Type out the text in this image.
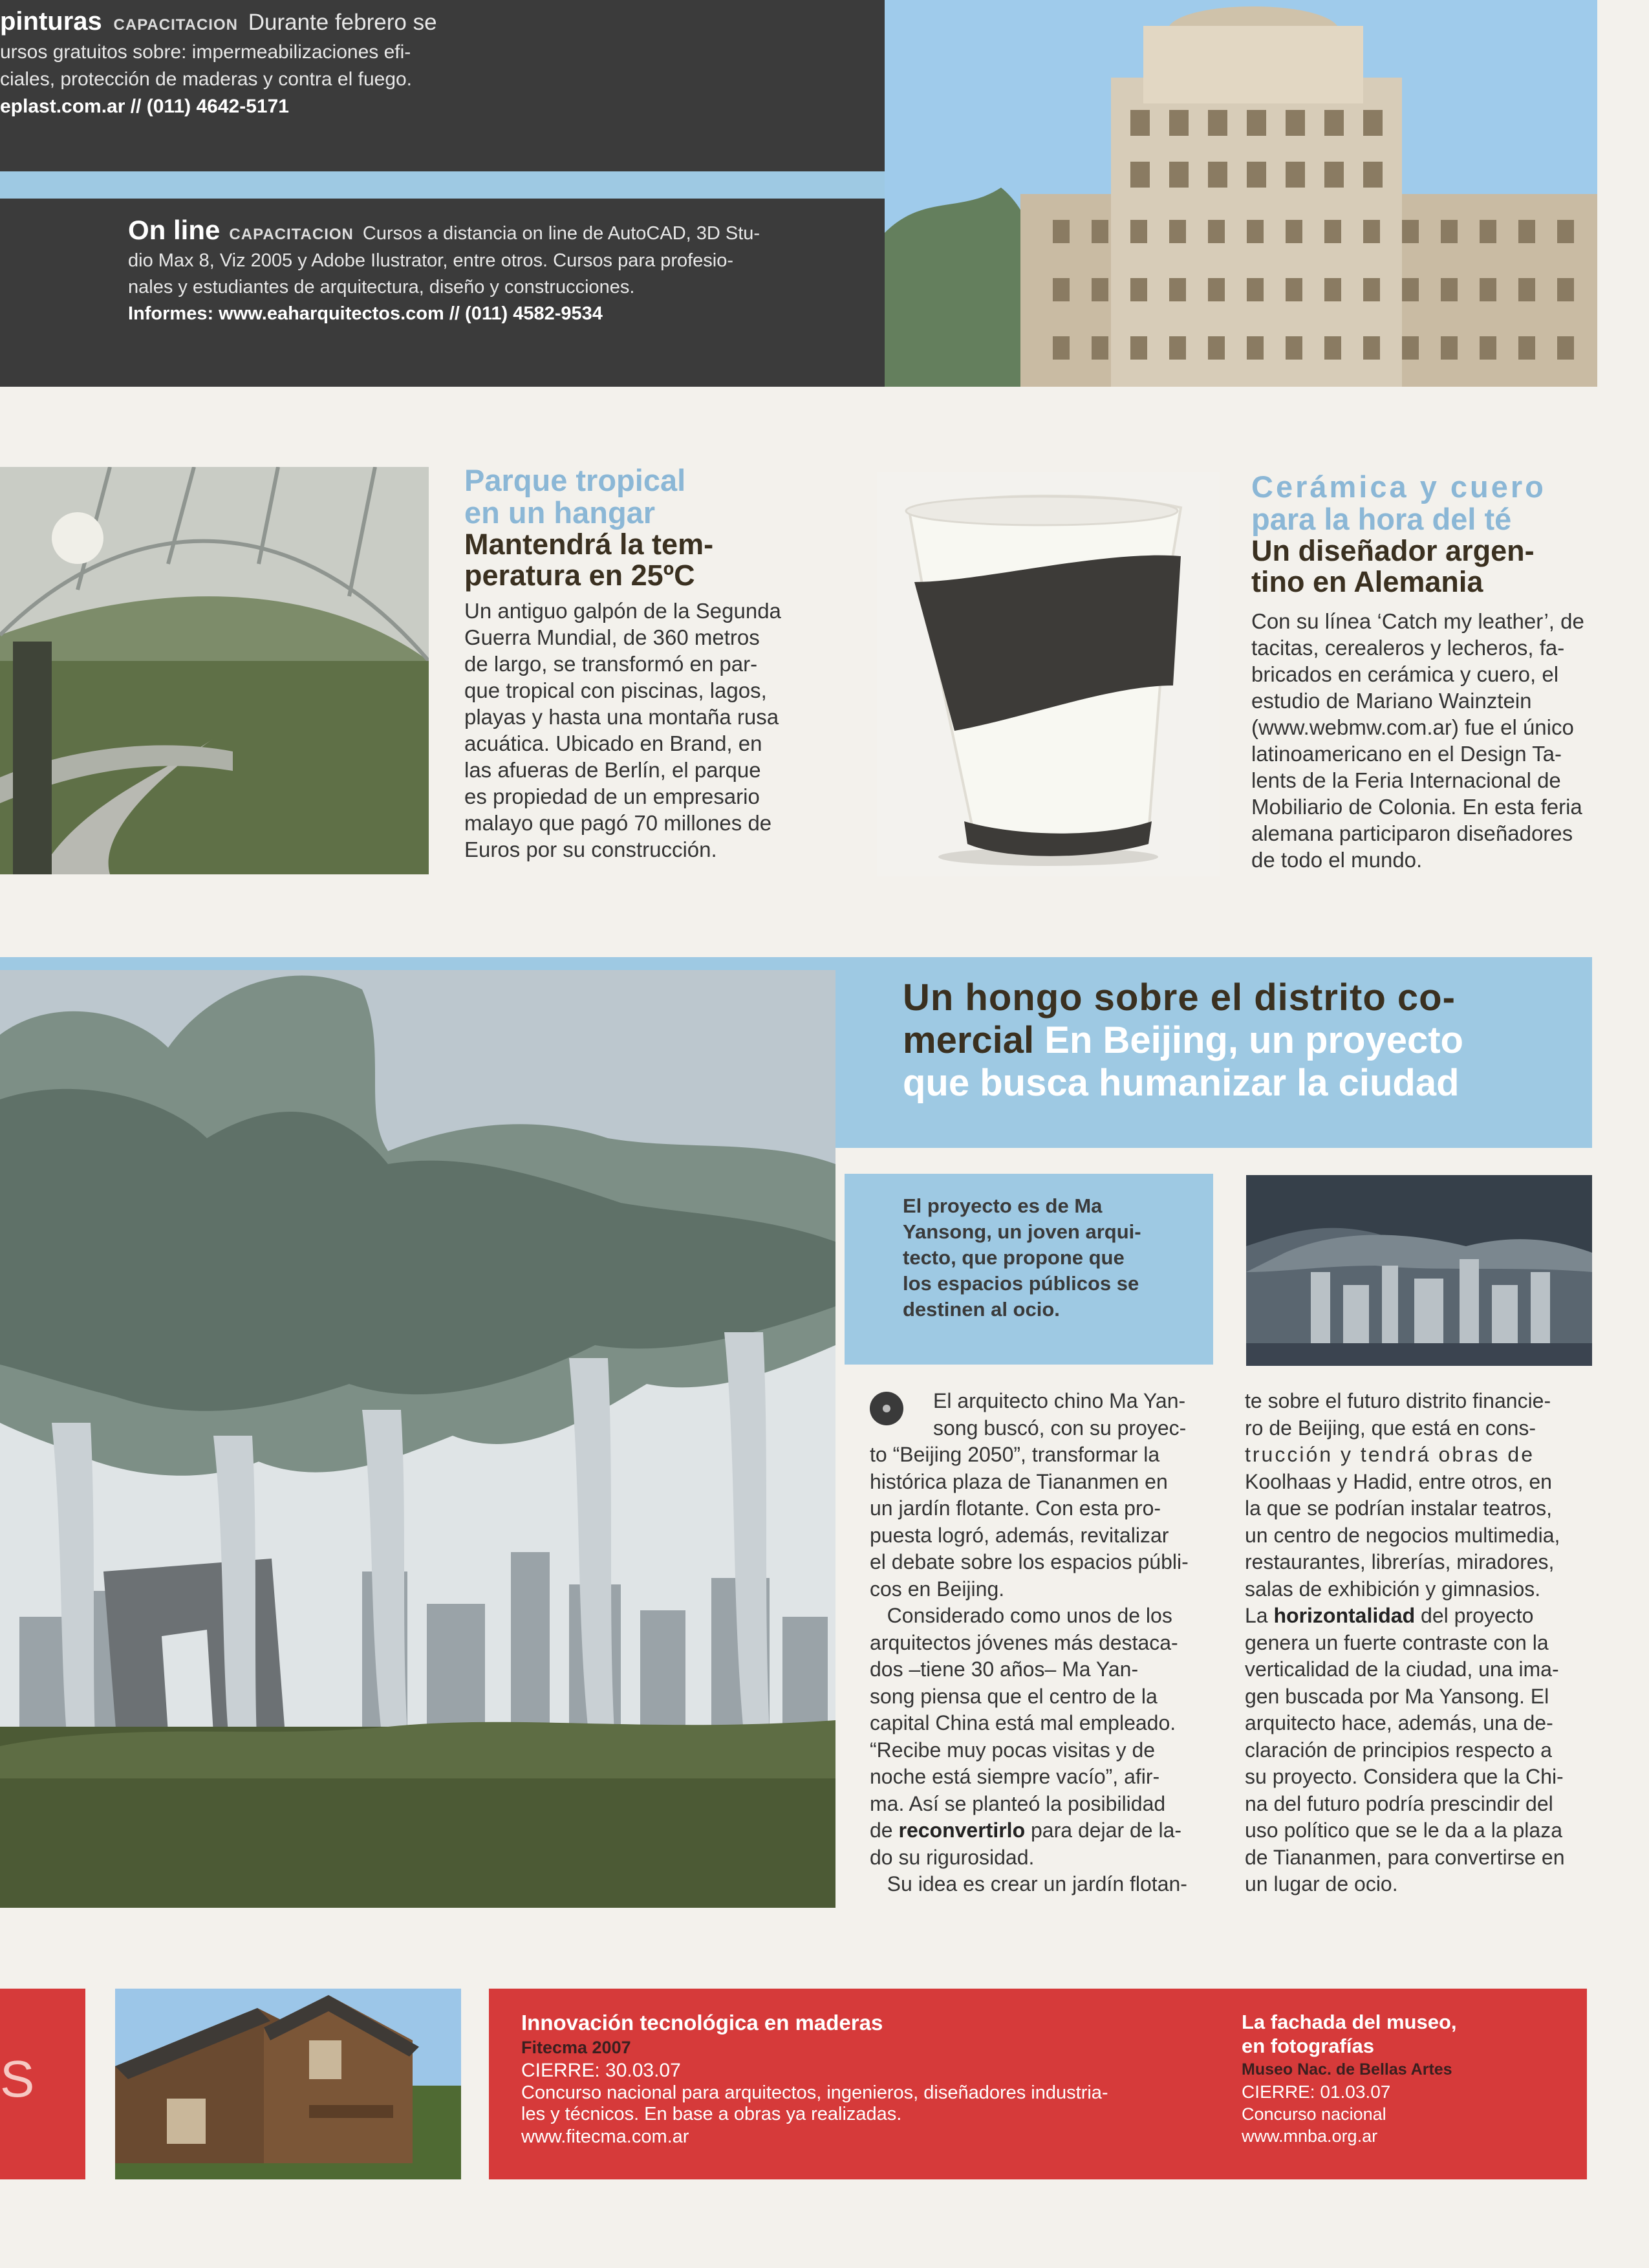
pinturas CAPACITACION Durante febrero se
ursos gratuitos sobre: impermeabilizaciones efi-
ciales, protección de maderas y contra el fuego.
eplast.com.ar // (011) 4642-5171
On line CAPACITACION Cursos a distancia on line de AutoCAD, 3D Stu-
dio Max 8, Viz 2005 y Adobe Ilustrator, entre otros. Cursos para profesio-
nales y estudiantes de arquitectura, diseño y construcciones.
Informes: www.eaharquitectos.com // (011) 4582-9534
Parque tropical
en un hangar
Mantendrá la tem-
peratura en 25ºC

Un antiguo galpón de la Segunda

Guerra Mundial, de 360 metros

de largo, se transformó en par-

que tropical con piscinas, lagos,

playas y hasta una montaña rusa

acuática. Ubicado en Brand, en

las afueras de Berlín, el parque

es propiedad de un empresario

malayo que pagó 70 millones de

Euros por su construcción.

Cerámica y cuero
para la hora del té
Un diseñador argen-
tino en Alemania

Con su línea ‘Catch my leather’, de

tacitas, cerealeros y lecheros, fa-

bricados en cerámica y cuero, el

estudio de Mariano Wainztein

(www.webmw.com.ar) fue el único

latinoamericano en el Design Ta-

lents de la Feria Internacional de

Mobiliario de Colonia. En esta feria

alemana participaron diseñadores

de todo el mundo.

Un hongo sobre el distrito co-
mercial En Beijing, un proyecto
que busca humanizar la ciudad
El proyecto es de Ma
Yansong, un joven arqui-
tecto, que propone que
los espacios públicos se
destinen al ocio.

El arquitecto chino Ma Yan-

song buscó, con su proyec-

to “Beijing 2050”, transformar la

histórica plaza de Tiananmen en

un jardín flotante. Con esta pro-

puesta logró, además, revitalizar

el debate sobre los espacios públi-

cos en Beijing.

Considerado como unos de los

arquitectos jóvenes más destaca-

dos –tiene 30 años– Ma Yan-

song piensa que el centro de la

capital China está mal empleado.

“Recibe muy pocas visitas y de

noche está siempre vacío”, afir-

ma. Así se planteó la posibilidad

de reconvertirlo para dejar de la-

do su rigurosidad.

Su idea es crear un jardín flotan-

te sobre el futuro distrito financie-

ro de Beijing, que está en cons-

trucción y tendrá obras de

Koolhaas y Hadid, entre otros, en

la que se podrían instalar teatros,

un centro de negocios multimedia,

restaurantes, librerías, miradores,

salas de exhibición y gimnasios.

La horizontalidad del proyecto

genera un fuerte contraste con la

verticalidad de la ciudad, una ima-

gen buscada por Ma Yansong. El

arquitecto hace, además, una de-

claración de principios respecto a

su proyecto. Considera que la Chi-

na del futuro podría prescindir del

uso político que se le da a la plaza

de Tiananmen, para convertirse en

un lugar de ocio.

S
Innovación tecnológica en maderas
Fitecma 2007
CIERRE: 30.03.07
Concurso nacional para arquitectos, ingenieros, diseñadores industria-
les y técnicos. En base a obras ya realizadas.
www.fitecma.com.ar
La fachada del museo,
en fotografías
Museo Nac. de Bellas Artes
CIERRE: 01.03.07
Concurso nacional
www.mnba.org.ar
